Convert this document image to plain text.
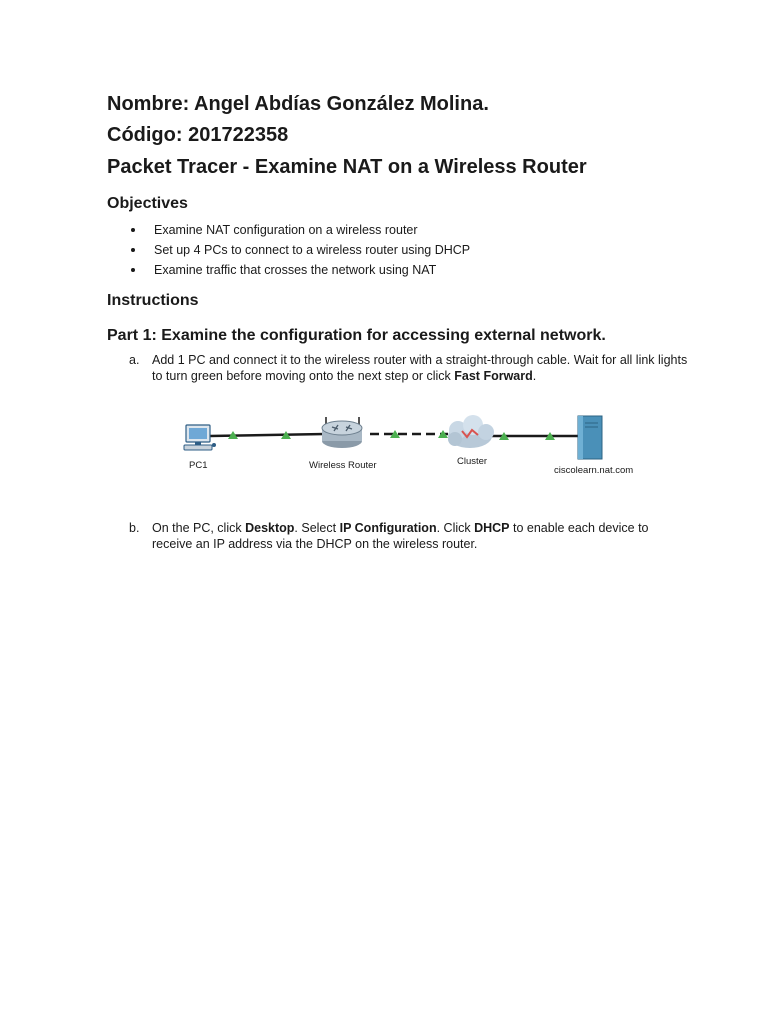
Nombre: Angel Abdías González Molina.
Código: 201722358
Packet Tracer - Examine NAT on a Wireless Router
Objectives
Examine NAT configuration on a wireless router
Set up 4 PCs to connect to a wireless router using DHCP
Examine traffic that crosses the network using NAT
Instructions
Part 1: Examine the configuration for accessing external network.
a. Add 1 PC and connect it to the wireless router with a straight-through cable. Wait for all link lights to turn green before moving onto the next step or click Fast Forward.
PC1	Wireless Router	Cluster
ciscolearn.nat.com
b. On the PC, click Desktop. Select IP Configuration. Click DHCP to enable each device to receive an IP address via the DHCP on the wireless router.
